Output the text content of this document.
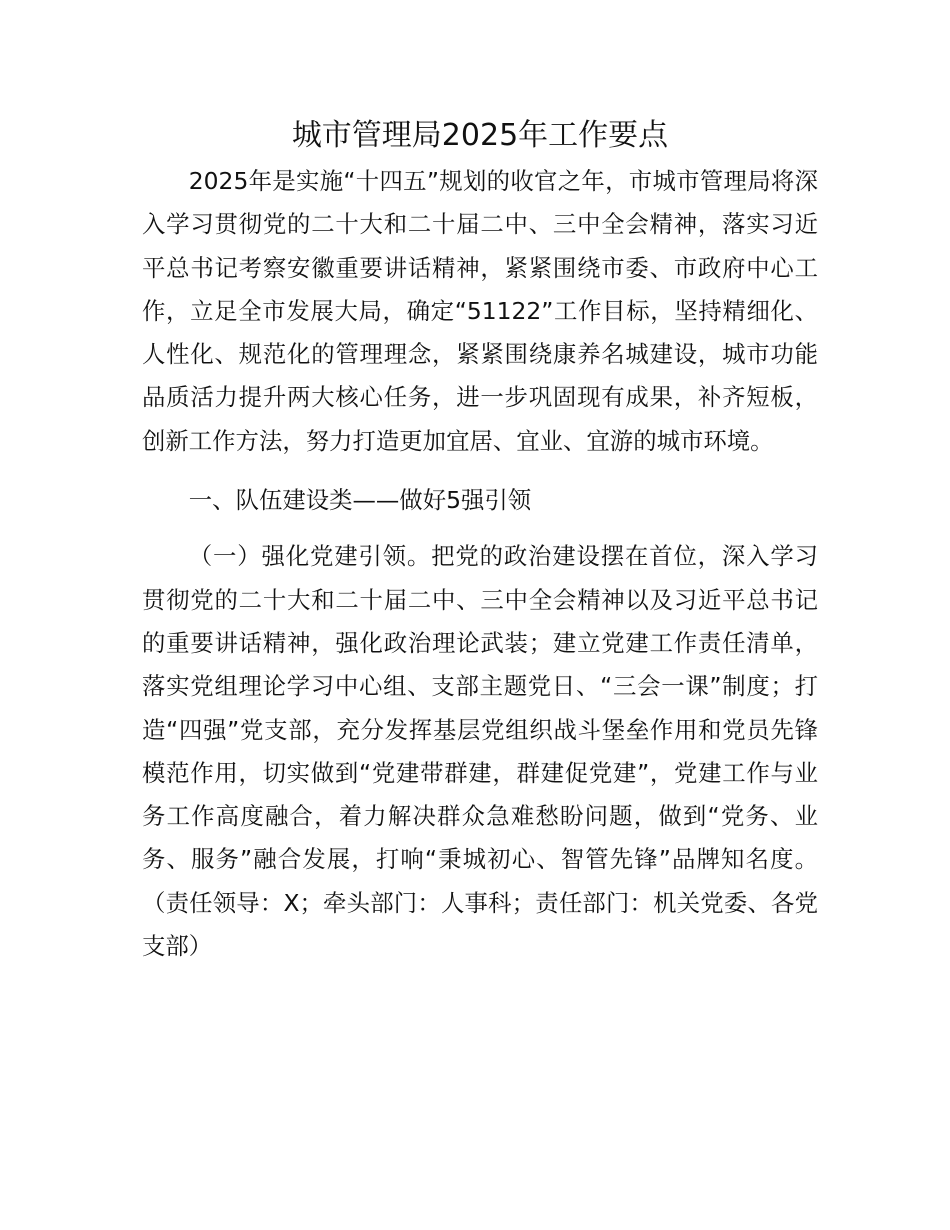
城市管理局2025年工作要点

2025年是实施“十四五”规划的收官之年，市城市管理局将深入学习贯彻党的二十大和二十届二中、三中全会精神，落实习近平总书记考察安徽重要讲话精神，紧紧围绕市委、市政府中心工作，立足全市发展大局，确定“51122”工作目标，坚持精细化、人性化、规范化的管理理念，紧紧围绕康养名城建设，城市功能品质活力提升两大核心任务，进一步巩固现有成果，补齐短板，创新工作方法，努力打造更加宜居、宜业、宜游的城市环境。

一、队伍建设类——做好5强引领

（一）强化党建引领。把党的政治建设摆在首位，深入学习贯彻党的二十大和二十届二中、三中全会精神以及习近平总书记的重要讲话精神，强化政治理论武装；建立党建工作责任清单，落实党组理论学习中心组、支部主题党日、“三会一课”制度；打造“四强”党支部，充分发挥基层党组织战斗堡垒作用和党员先锋模范作用，切实做到“党建带群建，群建促党建”，党建工作与业务工作高度融合，着力解决群众急难愁盼问题，做到“党务、业务、服务”融合发展，打响“秉城初心、智管先锋”品牌知名度。（责任领导：X；牵头部门：人事科；责任部门：机关党委、各党支部）
